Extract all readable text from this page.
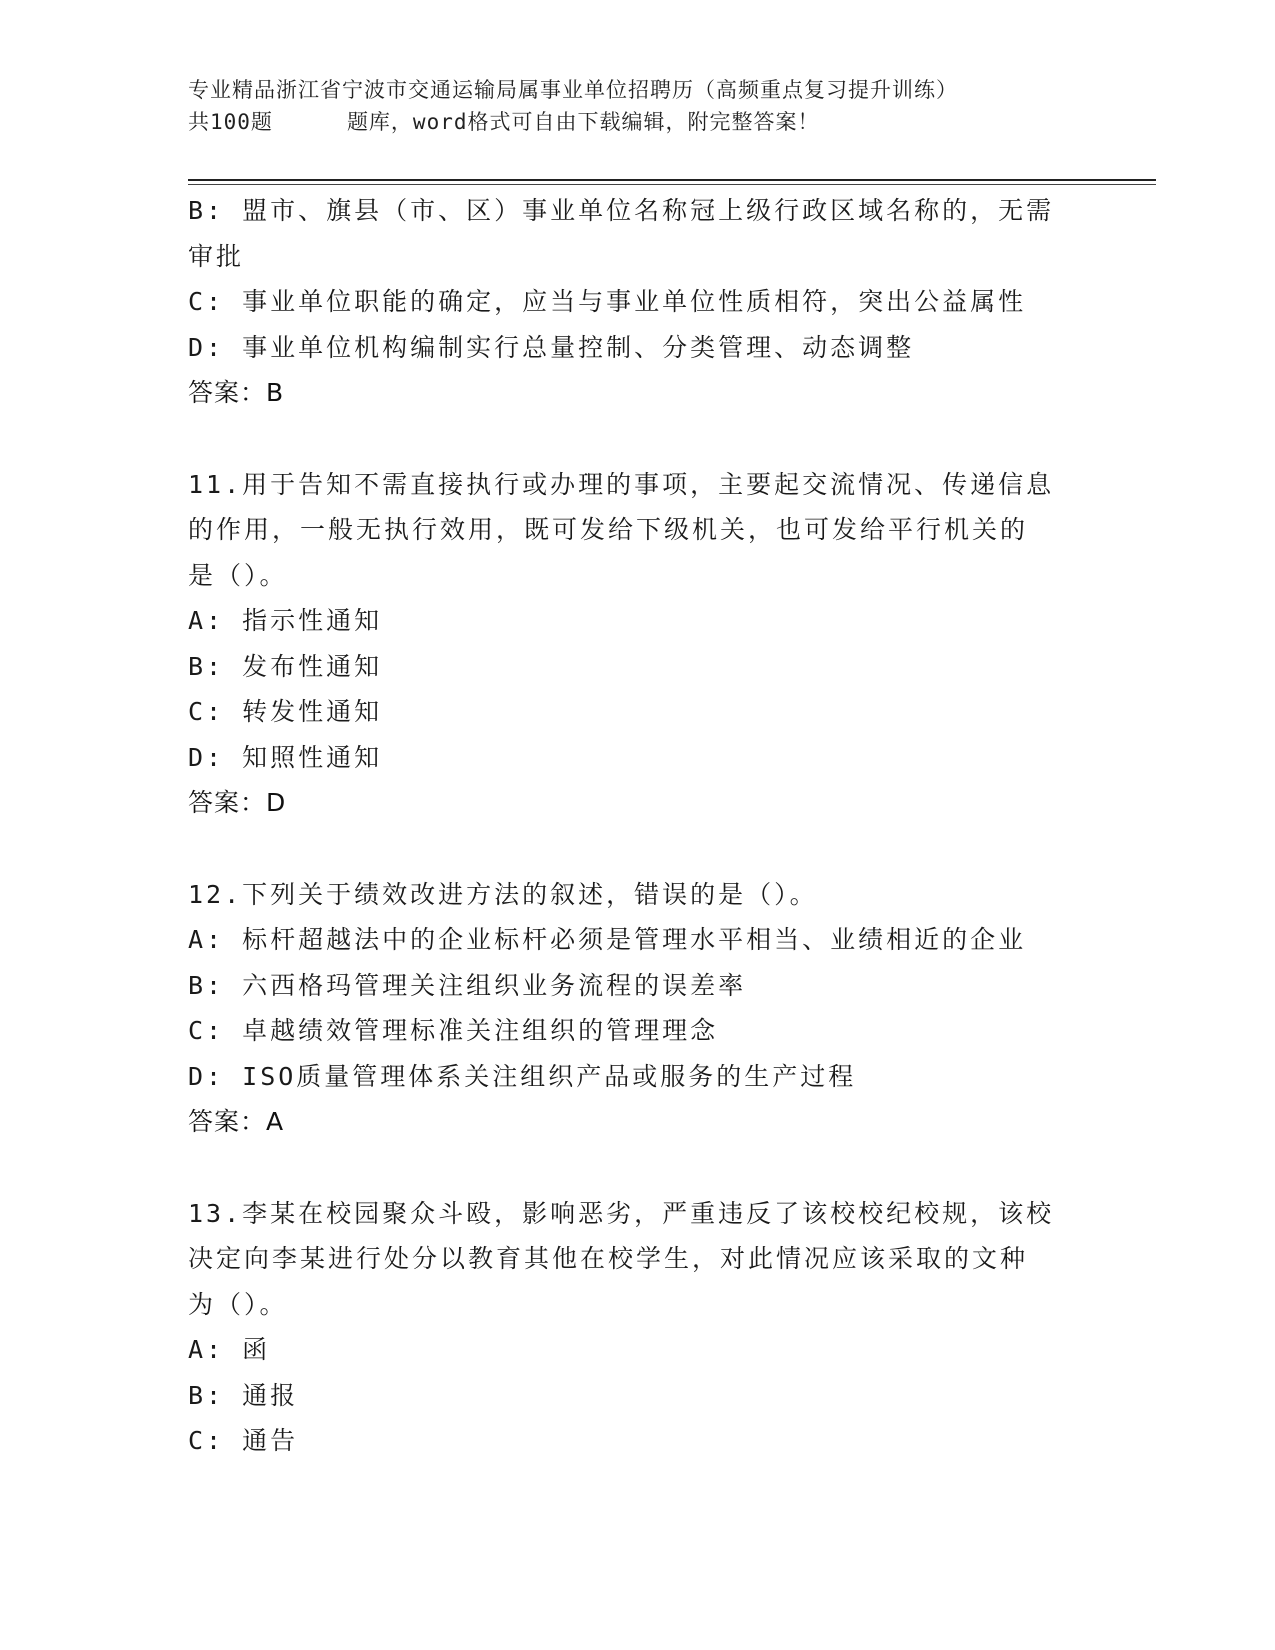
专业精品浙江省宁波市交通运输局属事业单位招聘历（高频重点复习提升训练）
共100题	题库，word格式可自由下载编辑，附完整答案！
B: 盟市、旗县（市、区）事业单位名称冠上级行政区域名称的，无需
审批
C: 事业单位职能的确定，应当与事业单位性质相符，突出公益属性
D: 事业单位机构编制实行总量控制、分类管理、动态调整
答案：B
11.用于告知不需直接执行或办理的事项，主要起交流情况、传递信息
的作用，一般无执行效用，既可发给下级机关，也可发给平行机关的
是（）。
A: 指示性通知
B: 发布性通知
C: 转发性通知
D: 知照性通知
答案：D
12.下列关于绩效改进方法的叙述，错误的是（）。
A: 标杆超越法中的企业标杆必须是管理水平相当、业绩相近的企业
B: 六西格玛管理关注组织业务流程的误差率
C: 卓越绩效管理标准关注组织的管理理念
D: ISO质量管理体系关注组织产品或服务的生产过程
答案：A
13.李某在校园聚众斗殴，影响恶劣，严重违反了该校校纪校规，该校
决定向李某进行处分以教育其他在校学生，对此情况应该采取的文种
为（）。
A: 函
B: 通报
C: 通告
